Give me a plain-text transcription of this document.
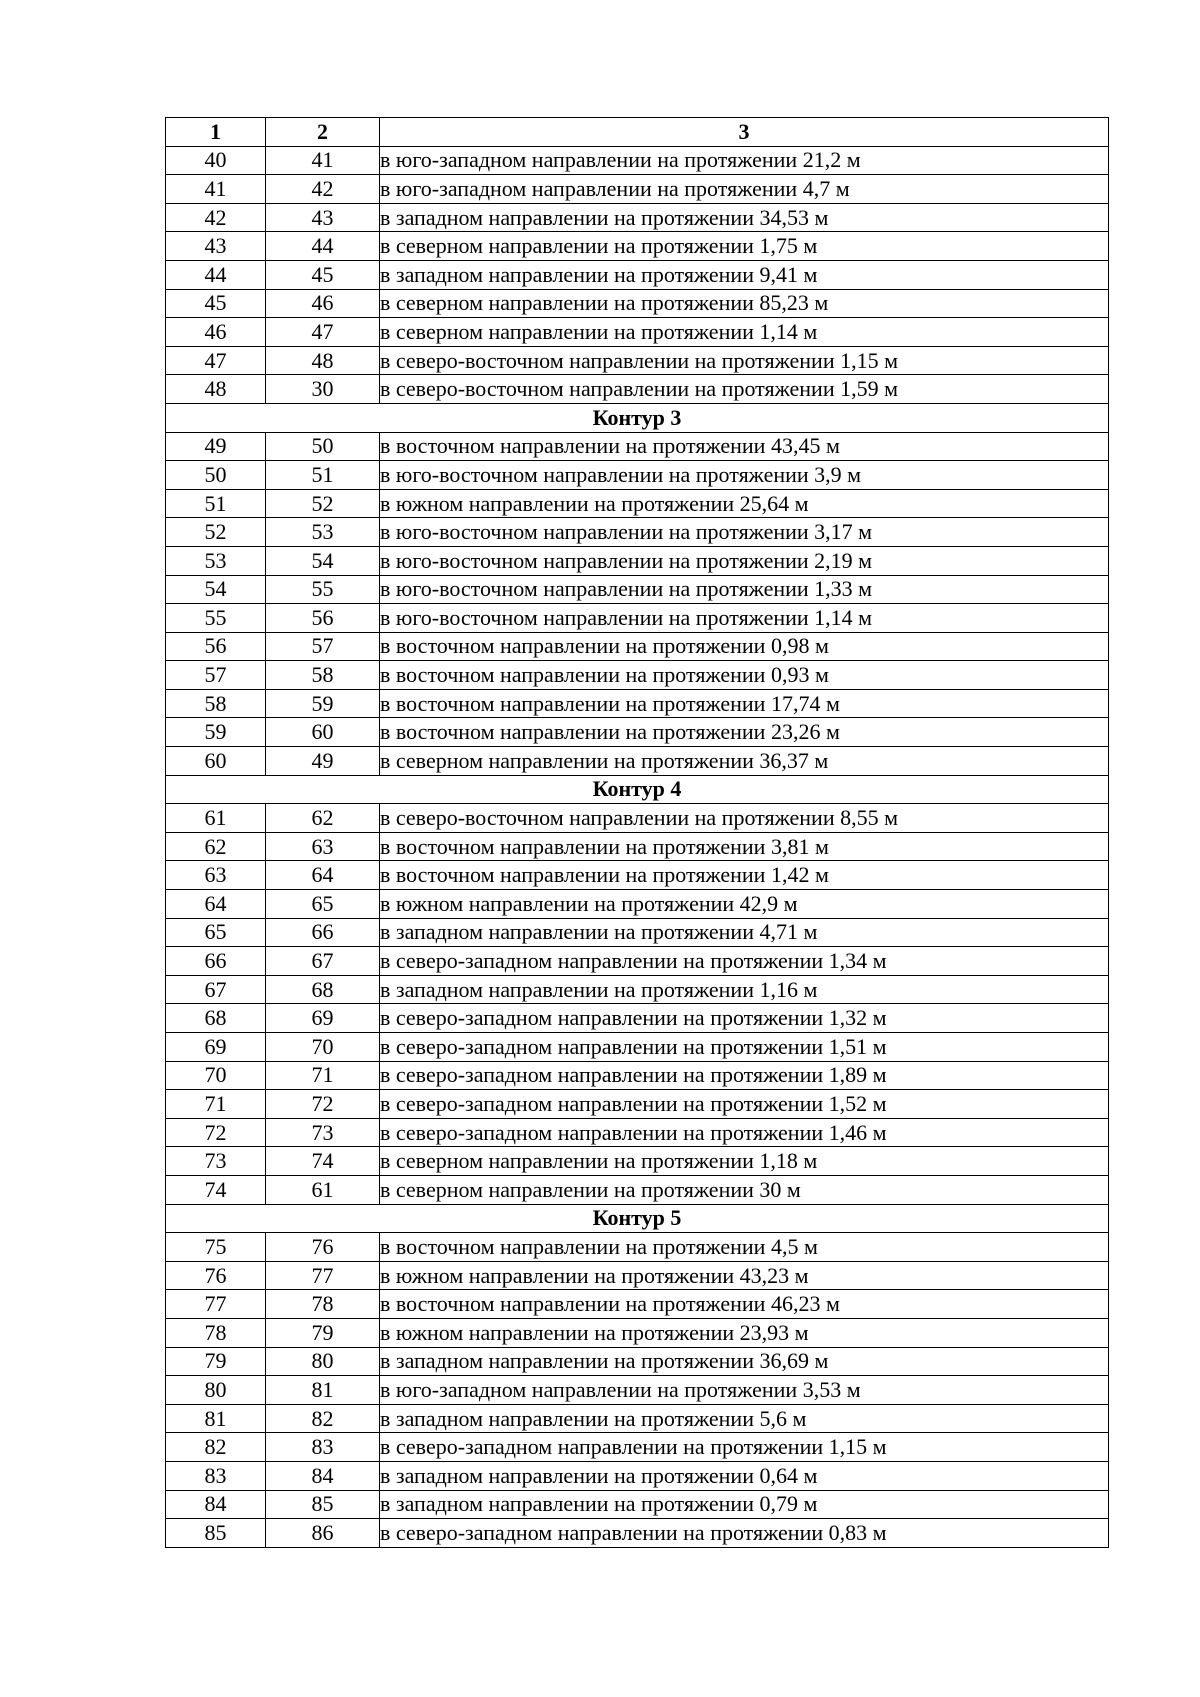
1	2	3
40	41	в юго-западном направлении на протяжении 21,2 м
41	42	в юго-западном направлении на протяжении 4,7 м
42	43	в западном направлении на протяжении 34,53 м
43	44	в северном направлении на протяжении 1,75 м
44	45	в западном направлении на протяжении 9,41 м
45	46	в северном направлении на протяжении 85,23 м
46	47	в северном направлении на протяжении 1,14 м
47	48	в северо-восточном направлении на протяжении 1,15 м
48	30	в северо-восточном направлении на протяжении 1,59 м
Контур 3		
49	50	в восточном направлении на протяжении 43,45 м
50	51	в юго-восточном направлении на протяжении 3,9 м
51	52	в южном направлении на протяжении 25,64 м
52	53	в юго-восточном направлении на протяжении 3,17 м
53	54	в юго-восточном направлении на протяжении 2,19 м
54	55	в юго-восточном направлении на протяжении 1,33 м
55	56	в юго-восточном направлении на протяжении 1,14 м
56	57	в восточном направлении на протяжении 0,98 м
57	58	в восточном направлении на протяжении 0,93 м
58	59	в восточном направлении на протяжении 17,74 м
59	60	в восточном направлении на протяжении 23,26 м
60	49	в северном направлении на протяжении 36,37 м
Контур 4		
61	62	в северо-восточном направлении на протяжении 8,55 м
62	63	в восточном направлении на протяжении 3,81 м
63	64	в восточном направлении на протяжении 1,42 м
64	65	в южном направлении на протяжении 42,9 м
65	66	в западном направлении на протяжении 4,71 м
66	67	в северо-западном направлении на протяжении 1,34 м
67	68	в западном направлении на протяжении 1,16 м
68	69	в северо-западном направлении на протяжении 1,32 м
69	70	в северо-западном направлении на протяжении 1,51 м
70	71	в северо-западном направлении на протяжении 1,89 м
71	72	в северо-западном направлении на протяжении 1,52 м
72	73	в северо-западном направлении на протяжении 1,46 м
73	74	в северном направлении на протяжении 1,18 м
74	61	в северном направлении на протяжении 30 м
Контур 5		
75	76	в восточном направлении на протяжении 4,5 м
76	77	в южном направлении на протяжении 43,23 м
77	78	в восточном направлении на протяжении 46,23 м
78	79	в южном направлении на протяжении 23,93 м
79	80	в западном направлении на протяжении 36,69 м
80	81	в юго-западном направлении на протяжении 3,53 м
81	82	в западном направлении на протяжении 5,6 м
82	83	в северо-западном направлении на протяжении 1,15 м
83	84	в западном направлении на протяжении 0,64 м
84	85	в западном направлении на протяжении 0,79 м
85	86	в северо-западном направлении на протяжении 0,83 м
